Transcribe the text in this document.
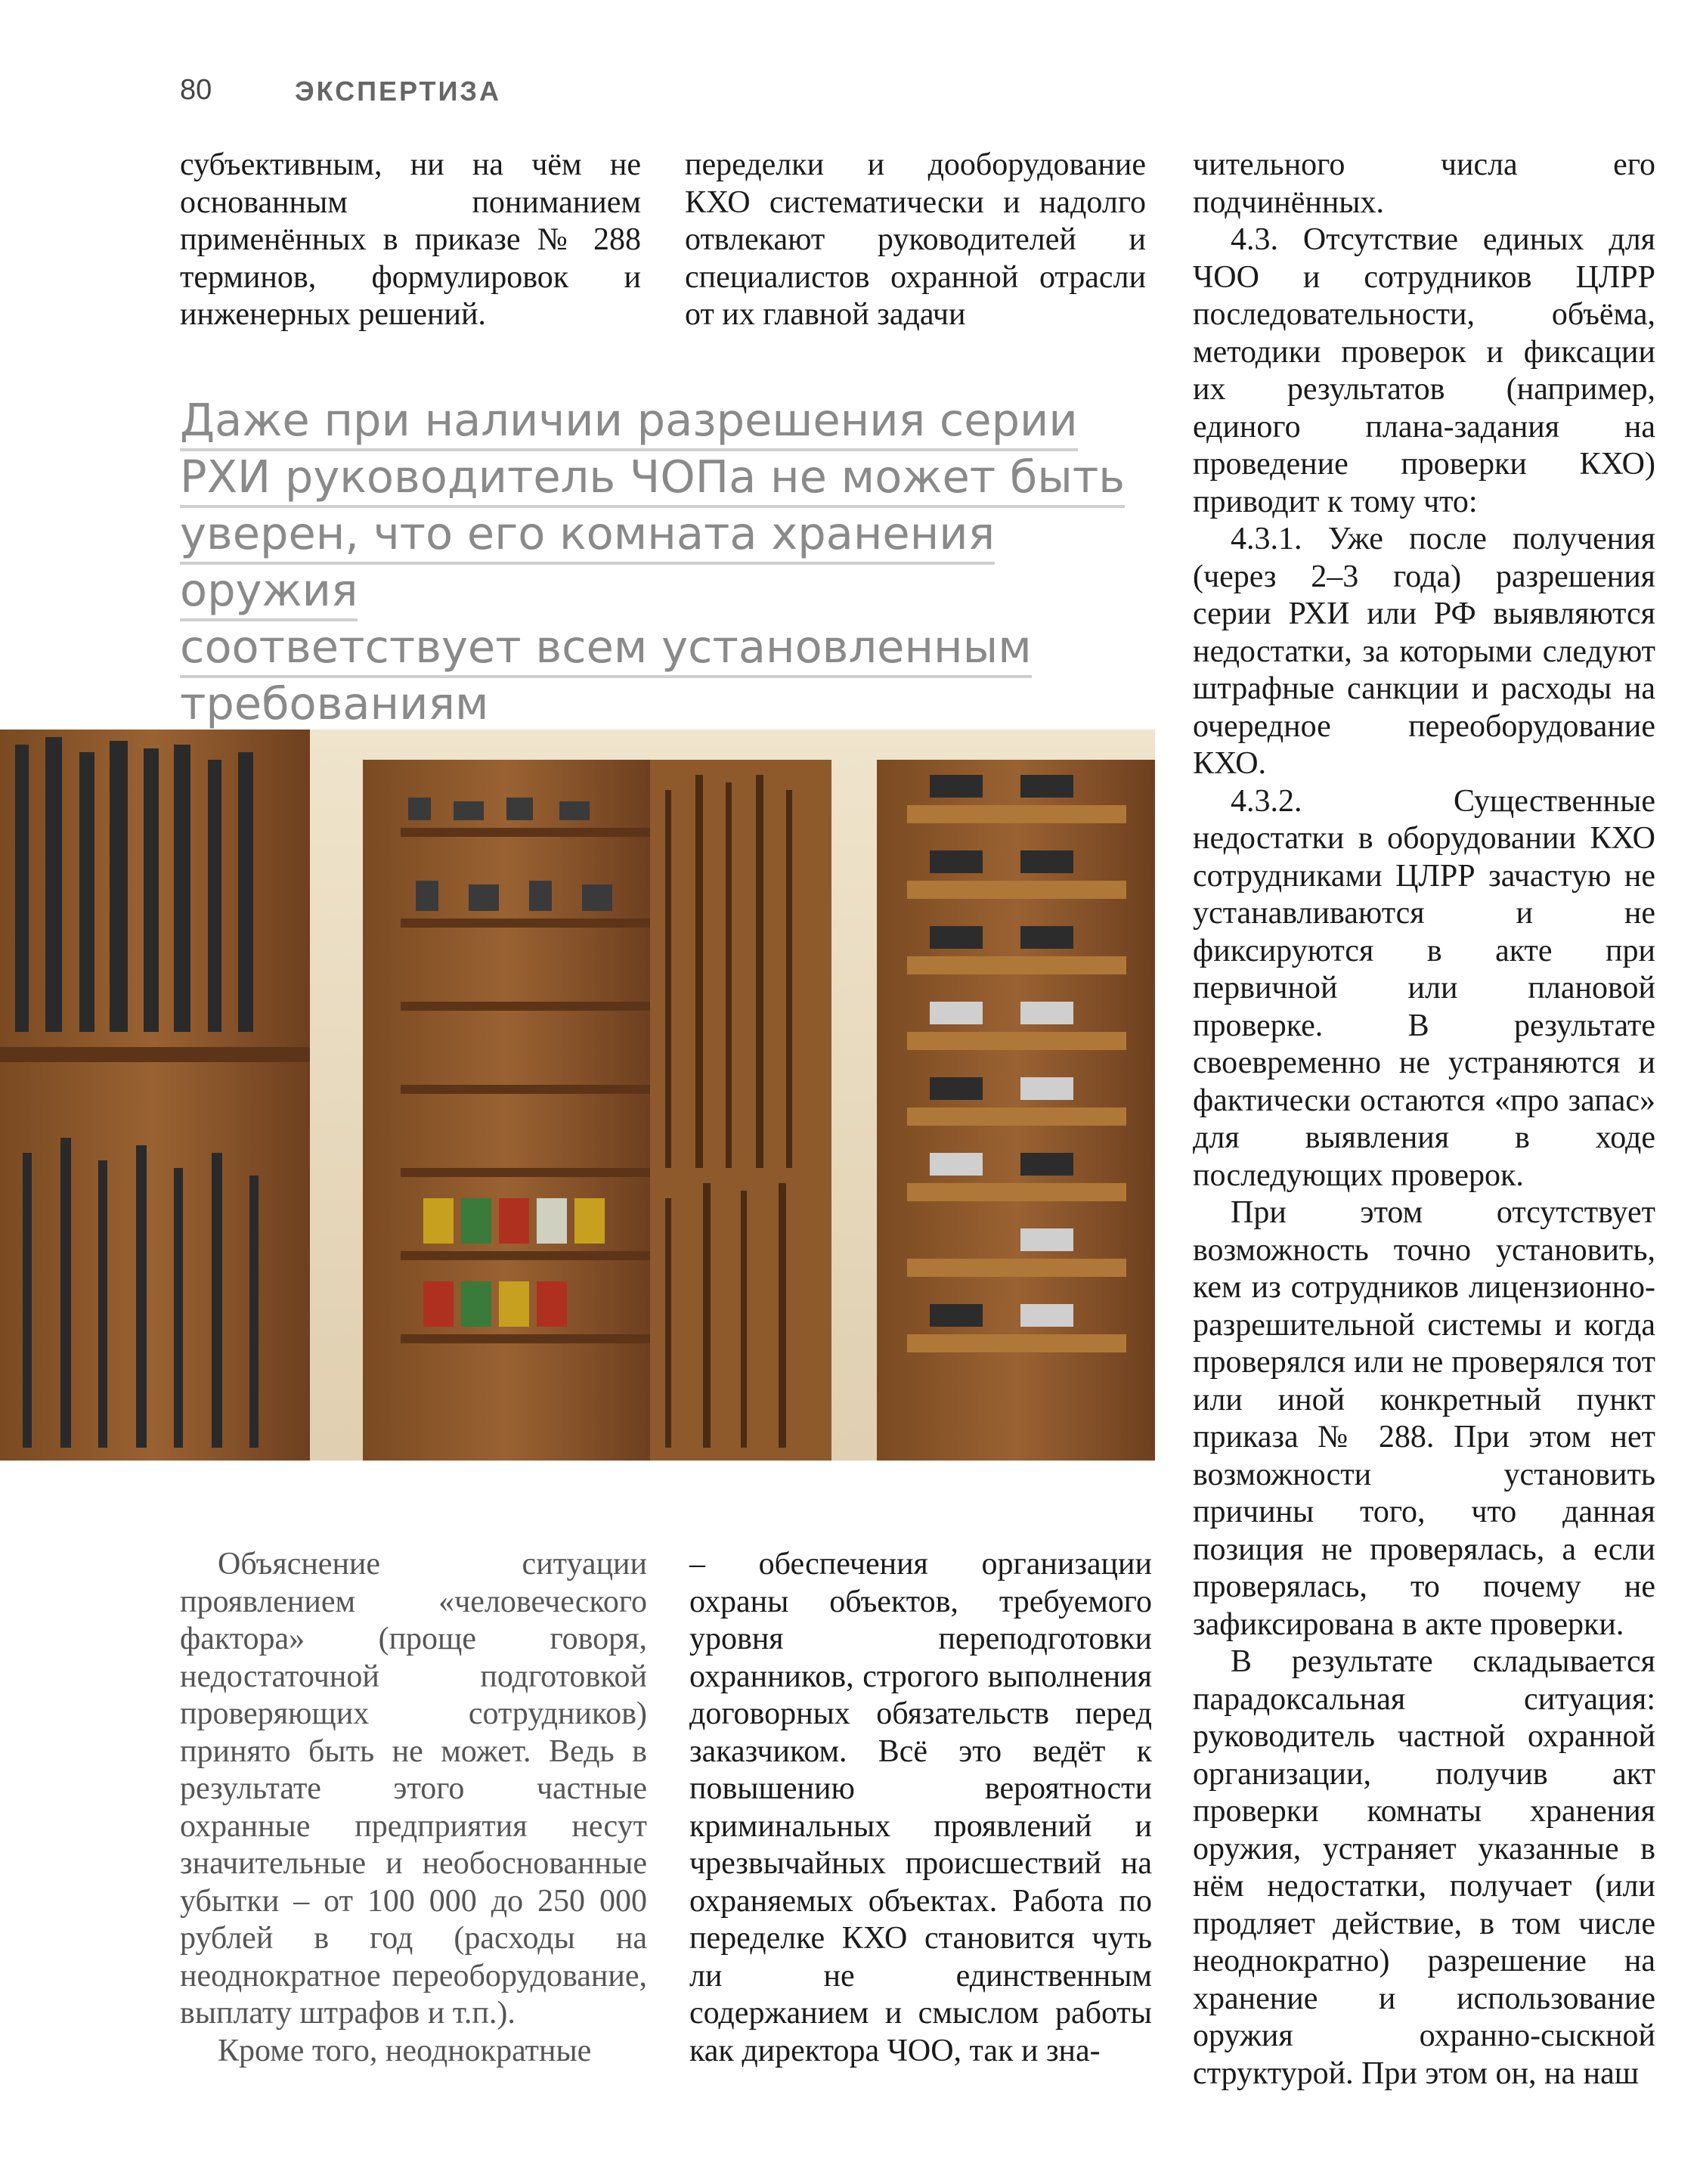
80	ЭКСПЕРТИЗА

субъективным, ни на чём не основанным пониманием применённых в приказе № 288 терминов, формулировок и инженерных решений.

переделки и дооборудование КХО систематически и надолго отвлекают руководителей и специалистов охранной отрасли от их главной задачи

Даже при наличии разрешения серии
РХИ руководитель ЧОПа не может быть
уверен, что его комната хранения оружия
соответствует всем установленным
требованиям

чительного числа его подчинённых.

4.3. Отсутствие единых для ЧОО и сотрудников ЦЛРР последовательности, объёма, методики проверок и фиксации их результатов (например, единого плана-задания на проведение проверки КХО) приводит к тому что:

4.3.1. Уже после получения (через 2–3 года) разрешения серии РХИ или РФ выявляются недостатки, за которыми следуют штрафные санкции и расходы на очередное переоборудование КХО.

4.3.2. Существенные недостатки в оборудовании КХО сотрудниками ЦЛРР зачастую не устанавливаются и не фиксируются в акте при первичной или плановой проверке. В результате своевременно не устраняются и фактически остаются «про запас» для выявления в ходе последующих проверок.

При этом отсутствует возможность точно установить, кем из сотрудников лицензионно-разрешительной системы и когда проверялся или не проверялся тот или иной конкретный пункт приказа № 288. При этом нет возможности установить причины того, что данная позиция не проверялась, а если проверялась, то почему не зафиксирована в акте проверки.

В результате складывается парадоксальная ситуация: руководитель частной охранной организации, получив акт проверки комнаты хранения оружия, устраняет указанные в нём недостатки, получает (или продляет действие, в том числе неоднократно) разрешение на хранение и использование оружия охранно-сыскной структурой. При этом он, на наш

Объяснение ситуации проявлением «человеческого фактора» (проще говоря, недостаточной подготовкой проверяющих сотрудников) принято быть не может. Ведь в результате этого частные охранные предприятия несут значительные и необоснованные убытки – от 100 000 до 250 000 рублей в год (расходы на неоднократное переоборудование, выплату штрафов и т.п.).

Кроме того, неоднократные

– обеспечения организации охраны объектов, требуемого уровня переподготовки охранников, строгого выполнения договорных обязательств перед заказчиком. Всё это ведёт к повышению вероятности криминальных проявлений и чрезвычайных происшествий на охраняемых объектах. Работа по переделке КХО становится чуть ли не единственным содержанием и смыслом работы как директора ЧОО, так и зна-
